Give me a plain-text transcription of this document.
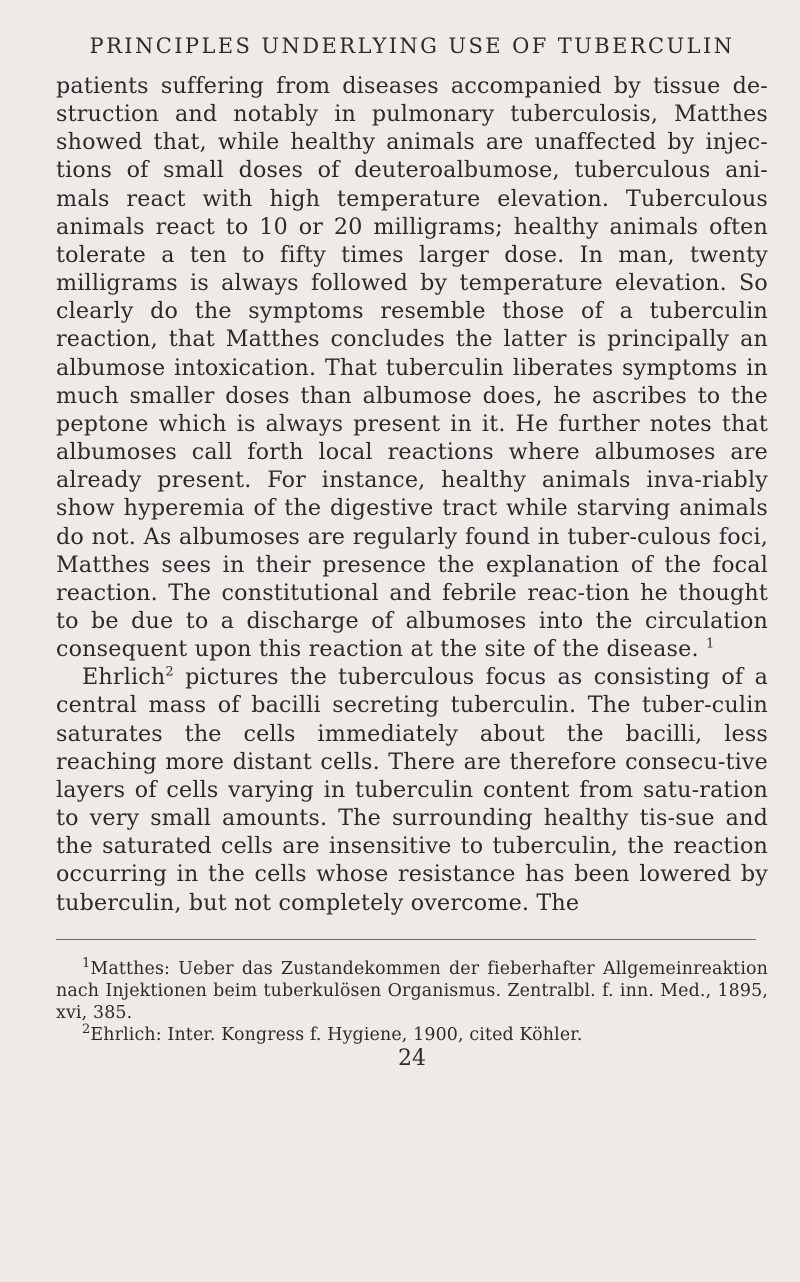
PRINCIPLES UNDERLYING USE OF TUBERCULIN

patients suffering from diseases accompanied by tissue de-struction and notably in pulmonary tuberculosis, Matthes showed that, while healthy animals are unaffected by injec-tions of small doses of deuteroalbumose, tuberculous ani-mals react with high temperature elevation. Tuberculous animals react to 10 or 20 milligrams; healthy animals often tolerate a ten to fifty times larger dose. In man, twenty milligrams is always followed by temperature elevation. So clearly do the symptoms resemble those of a tuberculin reaction, that Matthes concludes the latter is principally an albumose intoxication. That tuberculin liberates symptoms in much smaller doses than albumose does, he ascribes to the peptone which is always present in it. He further notes that albumoses call forth local reactions where albumoses are already present. For instance, healthy animals inva-riably show hyperemia of the digestive tract while starving animals do not. As albumoses are regularly found in tuber-culous foci, Matthes sees in their presence the explanation of the focal reaction. The constitutional and febrile reac-tion he thought to be due to a discharge of albumoses into the circulation consequent upon this reaction at the site of the disease. $^1$

Ehrlich$^2$ pictures the tuberculous focus as consisting of a central mass of bacilli secreting tuberculin. The tuber-culin saturates the cells immediately about the bacilli, less reaching more distant cells. There are therefore consecu-tive layers of cells varying in tuberculin content from satu-ration to very small amounts. The surrounding healthy tis-sue and the saturated cells are insensitive to tuberculin, the reaction occurring in the cells whose resistance has been lowered by tuberculin, but not completely overcome. The

$^1$Matthes: Ueber das Zustandekommen der fieberhafter Allgemeinreaktion nach Injektionen beim tuberkulösen Organismus. Zentralbl. f. inn. Med., 1895, xvi, 385.

$^2$Ehrlich: Inter. Kongress f. Hygiene, 1900, cited Köhler.

24
